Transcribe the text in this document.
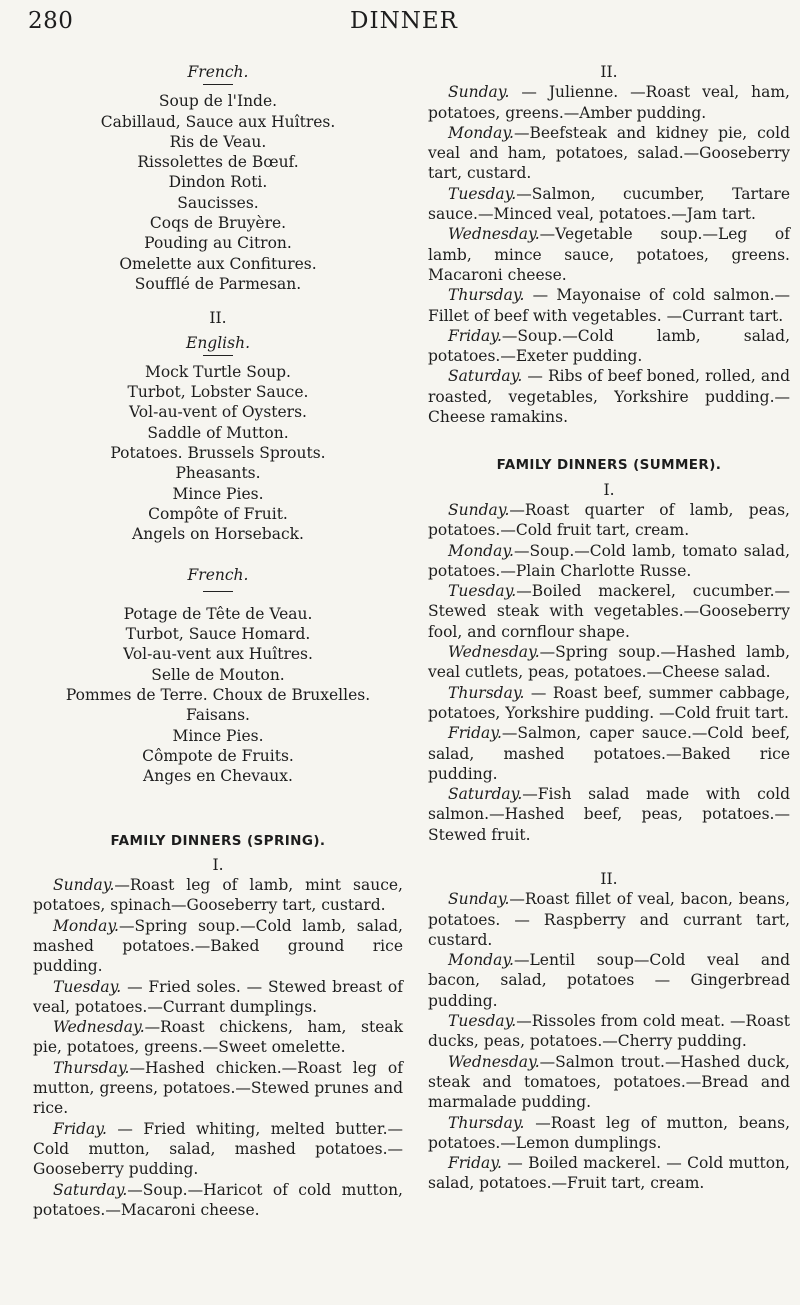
280	DINNER
French.
Soup de l'Inde.
Cabillaud, Sauce aux Huîtres.
Ris de Veau.
Rissolettes de Bœuf.
Dindon Roti.
Saucisses.
Coqs de Bruyère.
Pouding au Citron.
Omelette aux Confitures.
Soufflé de Parmesan.
II.
English.
Mock Turtle Soup.
Turbot, Lobster Sauce.
Vol-au-vent of Oysters.
Saddle of Mutton.
Potatoes. Brussels Sprouts.
Pheasants.
Mince Pies.
Compôte of Fruit.
Angels on Horseback.
French.
Potage de Tête de Veau.
Turbot, Sauce Homard.
Vol-au-vent aux Huîtres.
Selle de Mouton.
Pommes de Terre. Choux de Bruxelles.
Faisans.
Mince Pies.
Cômpote de Fruits.
Anges en Chevaux.
FAMILY DINNERS (SPRING).
I.

Sunday.—Roast leg of lamb, mint sauce, potatoes, spinach—Gooseberry tart, custard.

Monday.—Spring soup.—Cold lamb, salad, mashed potatoes.—Baked ground rice pudding.

Tuesday. — Fried soles. — Stewed breast of veal, potatoes.—Currant dumplings.

Wednesday.—Roast chickens, ham, steak pie, potatoes, greens.—Sweet omelette.

Thursday.—Hashed chicken.—Roast leg of mutton, greens, potatoes.—Stewed prunes and rice.

Friday. — Fried whiting, melted butter.—Cold mutton, salad, mashed potatoes.—Gooseberry pudding.

Saturday.—Soup.—Haricot of cold mutton, potatoes.—Macaroni cheese.

II.

Sunday. — Julienne. —Roast veal, ham, potatoes, greens.—Amber pudding.

Monday.—Beefsteak and kidney pie, cold veal and ham, potatoes, salad.—Gooseberry tart, custard.

Tuesday.—Salmon, cucumber, Tartare sauce.—Minced veal, potatoes.—Jam tart.

Wednesday.—Vegetable soup.—Leg of lamb, mince sauce, potatoes, greens. Macaroni cheese.

Thursday. — Mayonaise of cold salmon.—Fillet of beef with vegetables. —Currant tart.

Friday.—Soup.—Cold lamb, salad, potatoes.—Exeter pudding.

Saturday. — Ribs of beef boned, rolled, and roasted, vegetables, Yorkshire pudding.—Cheese ramakins.

FAMILY DINNERS (SUMMER).
I.

Sunday.—Roast quarter of lamb, peas, potatoes.—Cold fruit tart, cream.

Monday.—Soup.—Cold lamb, tomato salad, potatoes.—Plain Charlotte Russe.

Tuesday.—Boiled mackerel, cucumber.—Stewed steak with vegetables.—Gooseberry fool, and cornflour shape.

Wednesday.—Spring soup.—Hashed lamb, veal cutlets, peas, potatoes.—Cheese salad.

Thursday. — Roast beef, summer cabbage, potatoes, Yorkshire pudding. —Cold fruit tart.

Friday.—Salmon, caper sauce.—Cold beef, salad, mashed potatoes.—Baked rice pudding.

Saturday.—Fish salad made with cold salmon.—Hashed beef, peas, potatoes.—Stewed fruit.

II.

Sunday.—Roast fillet of veal, bacon, beans, potatoes. — Raspberry and currant tart, custard.

Monday.—Lentil soup—Cold veal and bacon, salad, potatoes — Gingerbread pudding.

Tuesday.—Rissoles from cold meat. —Roast ducks, peas, potatoes.—Cherry pudding.

Wednesday.—Salmon trout.—Hashed duck, steak and tomatoes, potatoes.—Bread and marmalade pudding.

Thursday. —Roast leg of mutton, beans, potatoes.—Lemon dumplings.

Friday. — Boiled mackerel. — Cold mutton, salad, potatoes.—Fruit tart, cream.
